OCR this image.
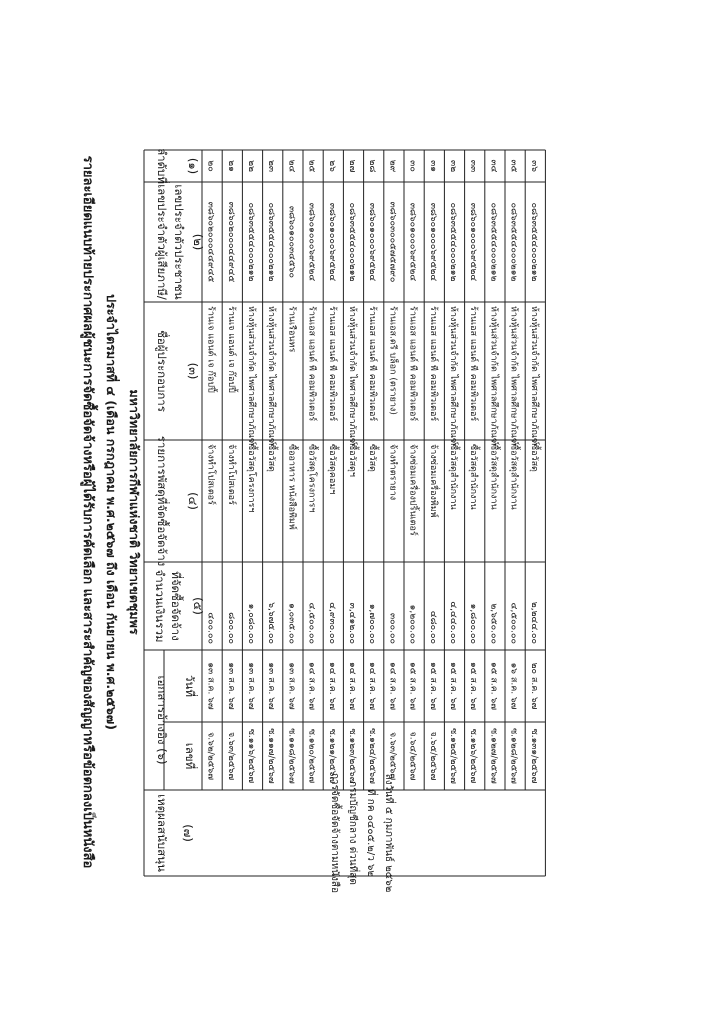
รายละเอียดแนบท้ายประกาศผลผู้ชนะการจัดซื้อจัดจ้างหรือผู้ได้รับการคัดเลือก และสาระสำคัญของสัญญาหรือข้อตกลงเป็นหนังสือ ประจำไตรมาสที่ ๔ (เดือน กรกฎาคม พ.ศ.๒๕๖๗ ถึง เดือน กันยายน พ.ศ.๒๕๖๗) มหาวิทยาลัยการกีฬาแห่งชาติ วิทยาเขตชุมพร
ลำดับที่ (๑)
เลขประจำตัวผู้เสียภาษี/ เลขประจำตัวประชาชน (๒)
ชื่อผู้ประกอบการ (๓)
รายการพัสดุที่จัดซื้อจัดจ้าง (๔)
จำนวนเงินรวม ที่จัดซื้อจัดจ้าง (๕)
เอกสารอ้างอิง (๖) วันที่
เลขที่
เหตุผลสนับสนุน (๗)
๒๐
๓๘๖๐๒๐๐๐๔๔๙๔๕
ร้านเจ แอนด์ เจ ก๊อปปี้
จ้างทำโปสเตอร์
๔๐๐.๐๐
๑๓ ส.ค. ๖๗
จ.๖๒/๒๕๖๗
๒๑
๓๘๖๐๒๐๐๐๔๔๙๔๕
ร้านเจ แอนด์ เจ ก๊อปปี้
จ้างทำโปสเตอร์
๘๐๐.๐๐
๑๓ ส.ค. ๖๗
จ.๖๓/๒๕๖๗
๒๒
๐๘๖๓๕๕๔๐๐๐๒๑๒
ห้างหุ้นส่วนจำกัด ไพศาลศึกษาภัณฑ์
ซื้อวัสดุโครงการฯ
๑,๐๘๐.๐๐
๑๓ ส.ค. ๖๗
ซ.๑๑๖/๒๕๖๗
๒๓
๐๘๖๓๕๕๔๐๐๐๒๑๒
ห้างหุ้นส่วนจำกัด ไพศาลศึกษาภัณฑ์
ซื้อวัสดุ
๖,๖๗๕.๐๐
๑๓ ส.ค. ๖๗
ซ.๑๑๗/๒๕๖๗
๒๔
๓๘๖๐๑๐๐๓๔๕๖๐
ร้านเรือนทร
ซื้ออาหาร หนังสือพิมพ์
๑,๐๓๕.๐๐
๑๓ ส.ค. ๖๗
ซ.๑๑๘/๒๕๖๗
๒๕
๓๘๖๐๑๐๐๐๖๙๕๒๔
ร้านเอส แอนด์ พี คอมพิวเตอร์
ซื้อวัสดุโครงการฯ
๔,๕๐๐.๐๐
๑๔ ส.ค. ๖๗
ซ.๑๒๐/๒๕๖๗
๒๖
๓๘๖๐๑๐๐๐๖๙๕๒๔
ร้านเอส แอนด์ พี คอมพิวเตอร์
ซื้อวัสดุคอมฯ
๔,๙๓๐.๐๐
๑๔ ส.ค. ๖๗
ซ.๑๒๑/๒๕๖๗
๒๗
๐๘๖๓๕๕๔๐๐๐๒๑๒
ห้างหุ้นส่วนจำกัด ไพศาลศึกษาภัณฑ์
ซื้อวัสดุฯ
๓,๔๑๒.๐๐
๑๔ ส.ค. ๖๗
ซ.๑๒๓/๒๕๖๗
๒๘
๓๘๖๐๑๐๐๐๖๙๕๒๔
ร้านเอส แอนด์ พี คอมพิวเตอร์
ซื้อวัสดุ
๑,๗๐๐.๐๐
๑๔ ส.ค. ๖๗
ซ.๑๒๔/๒๕๖๗
๒๙
๓๘๖๐๓๐๐๕๗๕๗๙๐
ร้านเอส.ดรี บล็อก (ตรายาง)
จ้างทำตรายาง
๓๐๐.๐๐
๑๔ ส.ค. ๖๗
จ.๖๓/๒๕๖๗
๓๐
๓๘๖๐๑๐๐๐๖๙๕๒๔
ร้านเอส แอนด์ พี คอมพิวเตอร์
จ้างซ่อมเครื่องปริ้นเตอร์
๑,๒๐๐.๐๐
๑๕ ส.ค. ๖๗
จ.๖๔/๒๕๖๗
๓๑
๓๘๖๐๑๐๐๐๖๙๕๒๔
ร้านเอส แอนด์ พี คอมพิวเตอร์
จ้างซ่อมเครื่องพิมพ์
๔๘๐.๐๐
๑๕ ส.ค. ๖๗
จ.๖๕/๒๕๖๗
๓๒
๐๘๖๓๕๕๔๐๐๐๒๑๒
ห้างหุ้นส่วนจำกัด ไพศาลศึกษาภัณฑ์
ซื้อวัสดุสำนักงาน
๔,๔๔๐.๐๐
๑๕ ส.ค. ๖๗
ซ.๑๒๕/๒๕๖๗
๓๓
๓๘๖๐๑๐๐๐๖๙๕๒๔
ร้านเอส แอนด์ พี คอมพิวเตอร์
ซื้อวัสดุสำนักงาน
๑,๘๐๐.๐๐
๑๕ ส.ค. ๖๗
ซ.๑๒๖/๒๕๖๗
๓๔
๐๘๖๓๕๕๔๐๐๐๒๑๒
ห้างหุ้นส่วนจำกัด ไพศาลศึกษาภัณฑ์
ซื้อวัสดุสำนักงาน
๒,๖๕๐.๐๐
๑๕ ส.ค. ๖๗
ซ.๑๒๗/๒๕๖๗
๓๕
๐๘๖๓๕๕๔๐๐๐๒๑๒
ห้างหุ้นส่วนจำกัด ไพศาลศึกษาภัณฑ์
ซื้อวัสดุสำนักงาน
๔,๕๐๐.๐๐
๑๖ ส.ค. ๖๗
ซ.๑๒๘/๒๕๖๗
๓๖
๐๘๖๓๕๕๔๐๐๐๒๑๒
ห้างหุ้นส่วนจำกัด ไพศาลศึกษาภัณฑ์
ซื้อวัสดุ
๒,๒๔๔.๐๐
๒๐ ส.ค. ๖๗
ซ.๑๓๑/๒๕๖๗
การจัดซื้อจัดจ้างตามหนังสือ กรมบัญชีกลาง ด่วนที่สุด ที่ กค ๐๔๐๕.๒/ว ๖๒ ลงวันที่ ๕ กุมภาพันธ์ ๒๕๖๒
